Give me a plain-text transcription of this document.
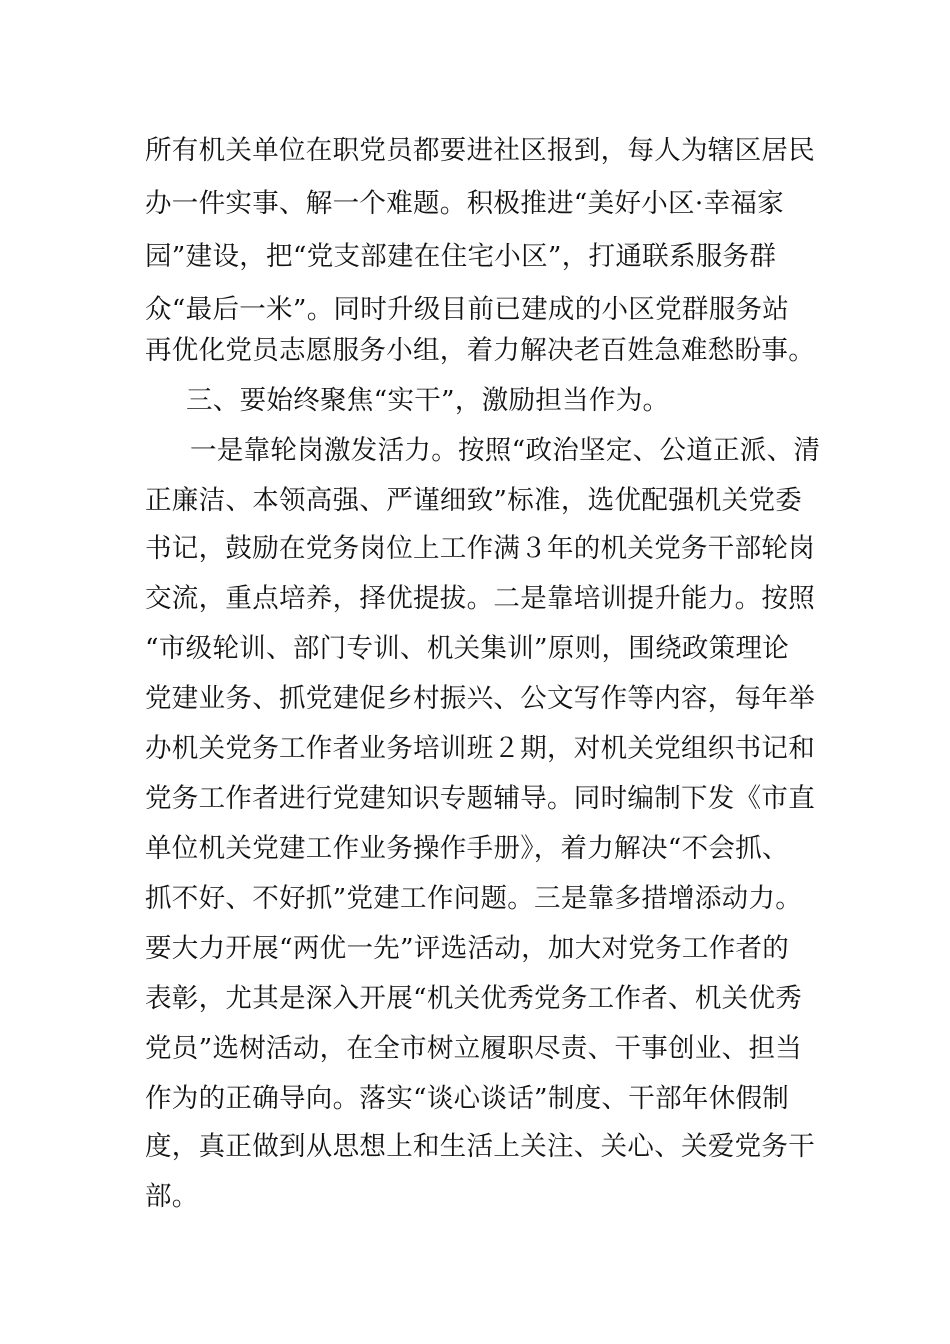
所有机关单位在职党员都要进社区报到，每人为辖区居民
办一件实事、解一个难题。积极推进“美好小区·幸福家
园”建设，把“党支部建在住宅小区”，打通联系服务群
众“最后一米”。同时升级目前已建成的小区党群服务站
再优化党员志愿服务小组，着力解决老百姓急难愁盼事。
三、要始终聚焦“实干”，激励担当作为。
一是靠轮岗激发活力。按照“政治坚定、公道正派、清
正廉洁、本领高强、严谨细致”标准，选优配强机关党委
书记，鼓励在党务岗位上工作满３年的机关党务干部轮岗
交流，重点培养，择优提拔。二是靠培训提升能力。按照
“市级轮训、部门专训、机关集训”原则，围绕政策理论
党建业务、抓党建促乡村振兴、公文写作等内容，每年举
办机关党务工作者业务培训班２期，对机关党组织书记和
党务工作者进行党建知识专题辅导。同时编制下发《市直
单位机关党建工作业务操作手册》，着力解决“不会抓、
抓不好、不好抓”党建工作问题。三是靠多措增添动力。
要大力开展“两优一先”评选活动，加大对党务工作者的
表彰，尤其是深入开展“机关优秀党务工作者、机关优秀
党员”选树活动，在全市树立履职尽责、干事创业、担当
作为的正确导向。落实“谈心谈话”制度、干部年休假制
度，真正做到从思想上和生活上关注、关心、关爱党务干
部。
